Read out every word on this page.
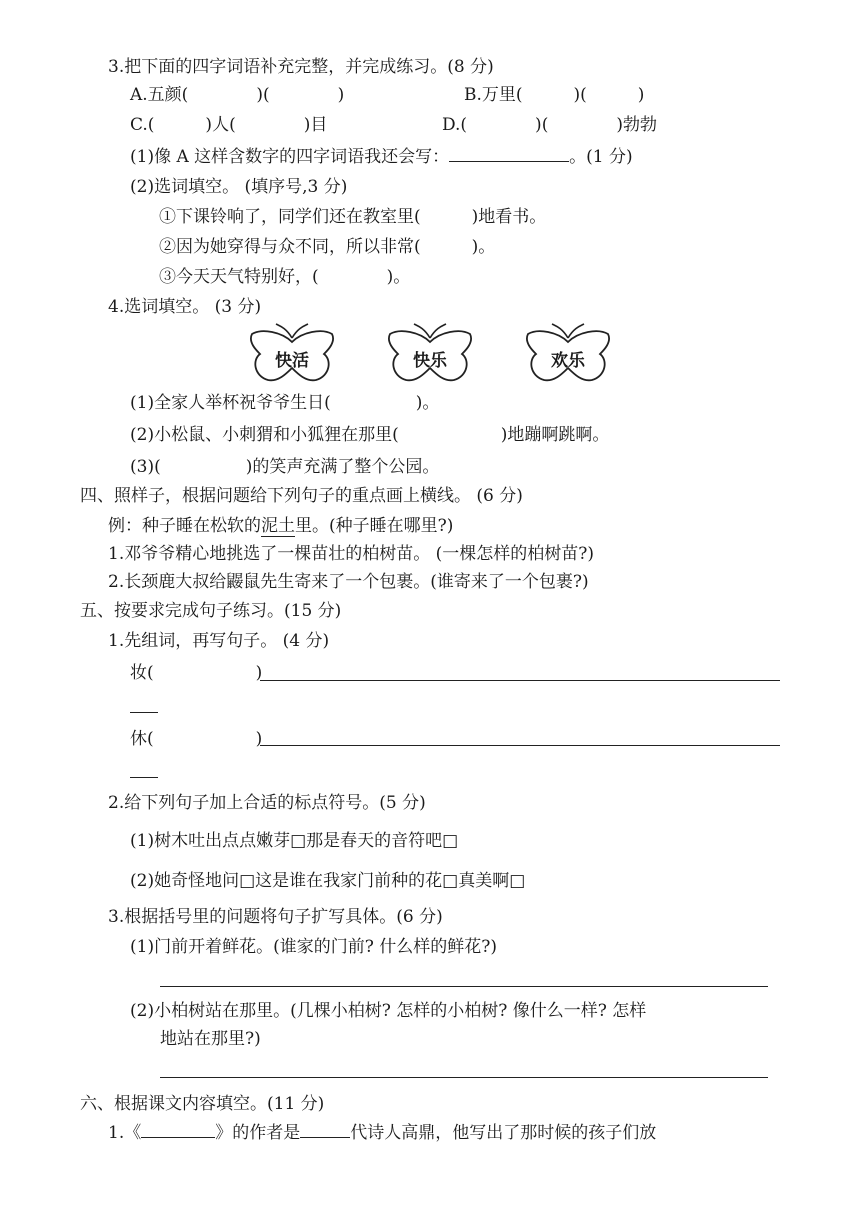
3.把下面的四字词语补充完整，并完成练习。(8 分)
A.五颜(　　　　)(　　　　)	B.万里(　　　)(　　　)
C.(　　　)人(　　　　)目	D.(　　　　)(　　　　)勃勃
(1)像 A 这样含数字的四字词语我还会写：	。(1 分)
(2)选词填空。 (填序号,3 分)
①下课铃响了，同学们还在教室里(　　　)地看书。
②因为她穿得与众不同，所以非常(　　　)。
③今天天气特别好，(　　　　)。
4.选词填空。 (3 分)
快活	快乐	欢乐
(1)全家人举杯祝爷爷生日(　　　　　)。
(2)小松鼠、小刺猬和小狐狸在那里(　　　　　　)地蹦啊跳啊。
(3)(　　　　　)的笑声充满了整个公园。
四、照样子，根据问题给下列句子的重点画上横线。 (6 分)
例：种子睡在松软的泥土里。(种子睡在哪里?)
1.邓爷爷精心地挑选了一棵苗壮的柏树苗。 (一棵怎样的柏树苗?)
2.长颈鹿大叔给鼹鼠先生寄来了一个包裹。(谁寄来了一个包裹?)
五、按要求完成句子练习。(15 分)
1.先组词，再写句子。 (4 分)
妆(　　　　　　)
休(　　　　　　)
2.给下列句子加上合适的标点符号。(5 分)
(1)树木吐出点点嫩芽□那是春天的音符吧□
(2)她奇怪地问□这是谁在我家门前种的花□真美啊□
3.根据括号里的问题将句子扩写具体。(6 分)
(1)门前开着鲜花。(谁家的门前? 什么样的鲜花?)
(2)小柏树站在那里。(几棵小柏树? 怎样的小柏树? 像什么一样? 怎样
地站在那里?)
六、根据课文内容填空。(11 分)
1.《	》的作者是	代诗人高鼎，他写出了那时候的孩子们放
